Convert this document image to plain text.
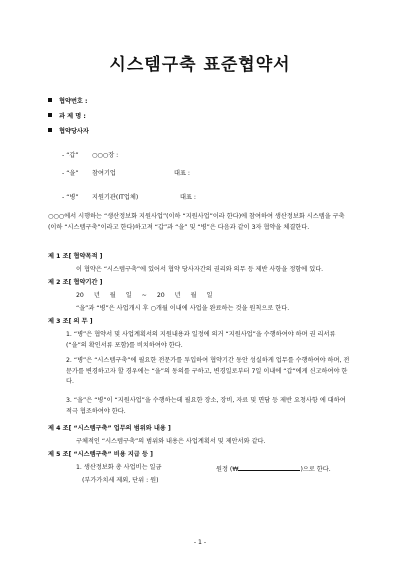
시스템구축 표준협약서
협약번호 :
과 제 명 :
협약당사자
- “갑” ○○○장 :
- “을” 참여기업	대표 :
- “병” 지원기관(IT업체)	대표 :
○○○에서 시행하는 “생산정보화 지원사업”(이하 “지원사업”이라 한다)에 참여하여 생산정보화 시스템을 구축 (이하 “시스템구축”이라고 한다)하고져 “갑”과 “을” 및 “병”은 다음과 같이 3자 협약을 체결한다.
제 1 조[ 협약목적 ]
이 협약은 “시스템구축”에 있어서 협약 당사자간의 권리와 의무 등 제반 사항을 정함에 있다.
제 2 조[ 협약기간 ]
20 년 월 일 ~ 20 년 월 일
“을”과 “병”은 사업개시 후 ○개월 이내에 사업을 완료하는 것을 원칙으로 한다.
제 3 조[ 의 무 ]
1. “병”은 협약서 및 사업계획서의 지원내용과 일정에 의거 “지원사업”을 수행하여야 하며 권 리서류(“을”의 확인서류 포함)를 비치하여야 한다.
2. “병”은 “시스템구축”에 필요한 전문가를 투입하여 협약기간 동안 성실하게 업무를 수행하여야 하며, 전문가를 변경하고자 할 경우에는 “을”의 동의를 구하고, 변경일로부터 7일 이내에 “갑”에게 신고하여야 한다.
3. “을”은 “병”이 “지원사업”을 수행하는데 필요한 장소, 장비, 자료 및 면담 등 제반 요청사항 에 대하여 적극 협조하여야 한다.
제 4 조[ “시스템구축” 업무의 범위와 내용 ]
구체적인 “시스템구축”의 범위와 내용은 사업계획서 및 제안서와 같다.
제 5 조[ “시스템구축” 비용 지급 등 ]
1. 생산정보화 총 사업비는 일금	원정 (₩	)으로 한다.
(부가가치세 제외, 단위 : 원)
- 1 -
